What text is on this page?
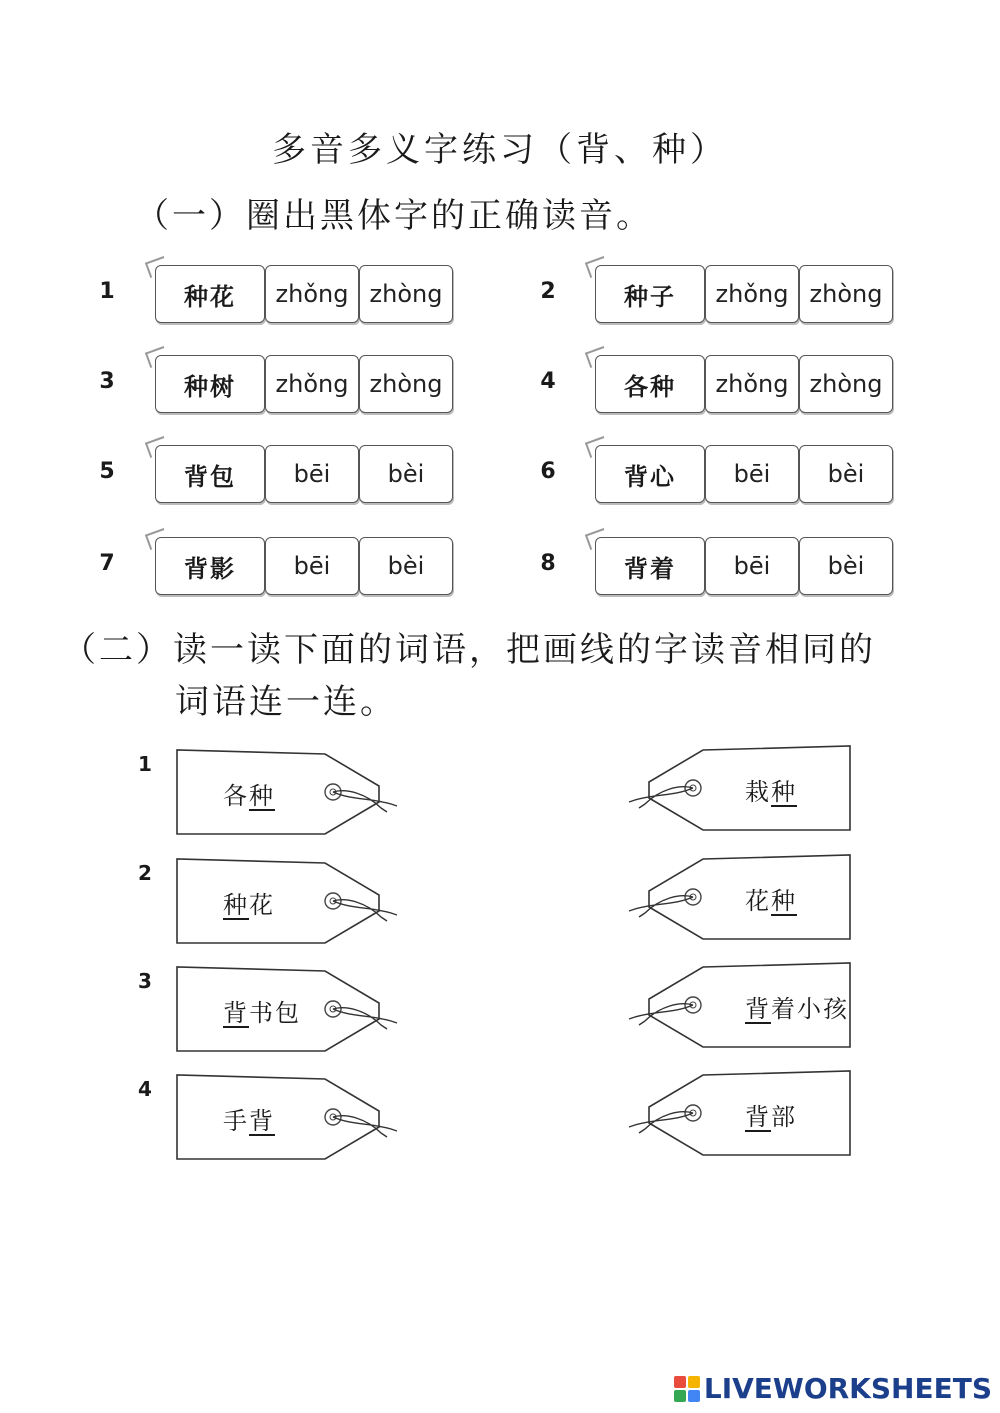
多音多义字练习（背、种）
（一）圈出黑体字的正确读音。
1	种花 zhǒng zhòng	2	种子 zhǒng zhòng
3	种树 zhǒng zhòng	4	各种 zhǒng zhòng
5	背包 bēi bèi	6	背心 bēi bèi
7	背影 bēi bèi	8	背着 bēi bèi
（二）读一读下面的词语，把画线的字读音相同的
词语连一连。
1
各种
2
种花
3
背书包
4
手背
栽种
花种
背着小孩
背部
LIVEWORKSHEETS
